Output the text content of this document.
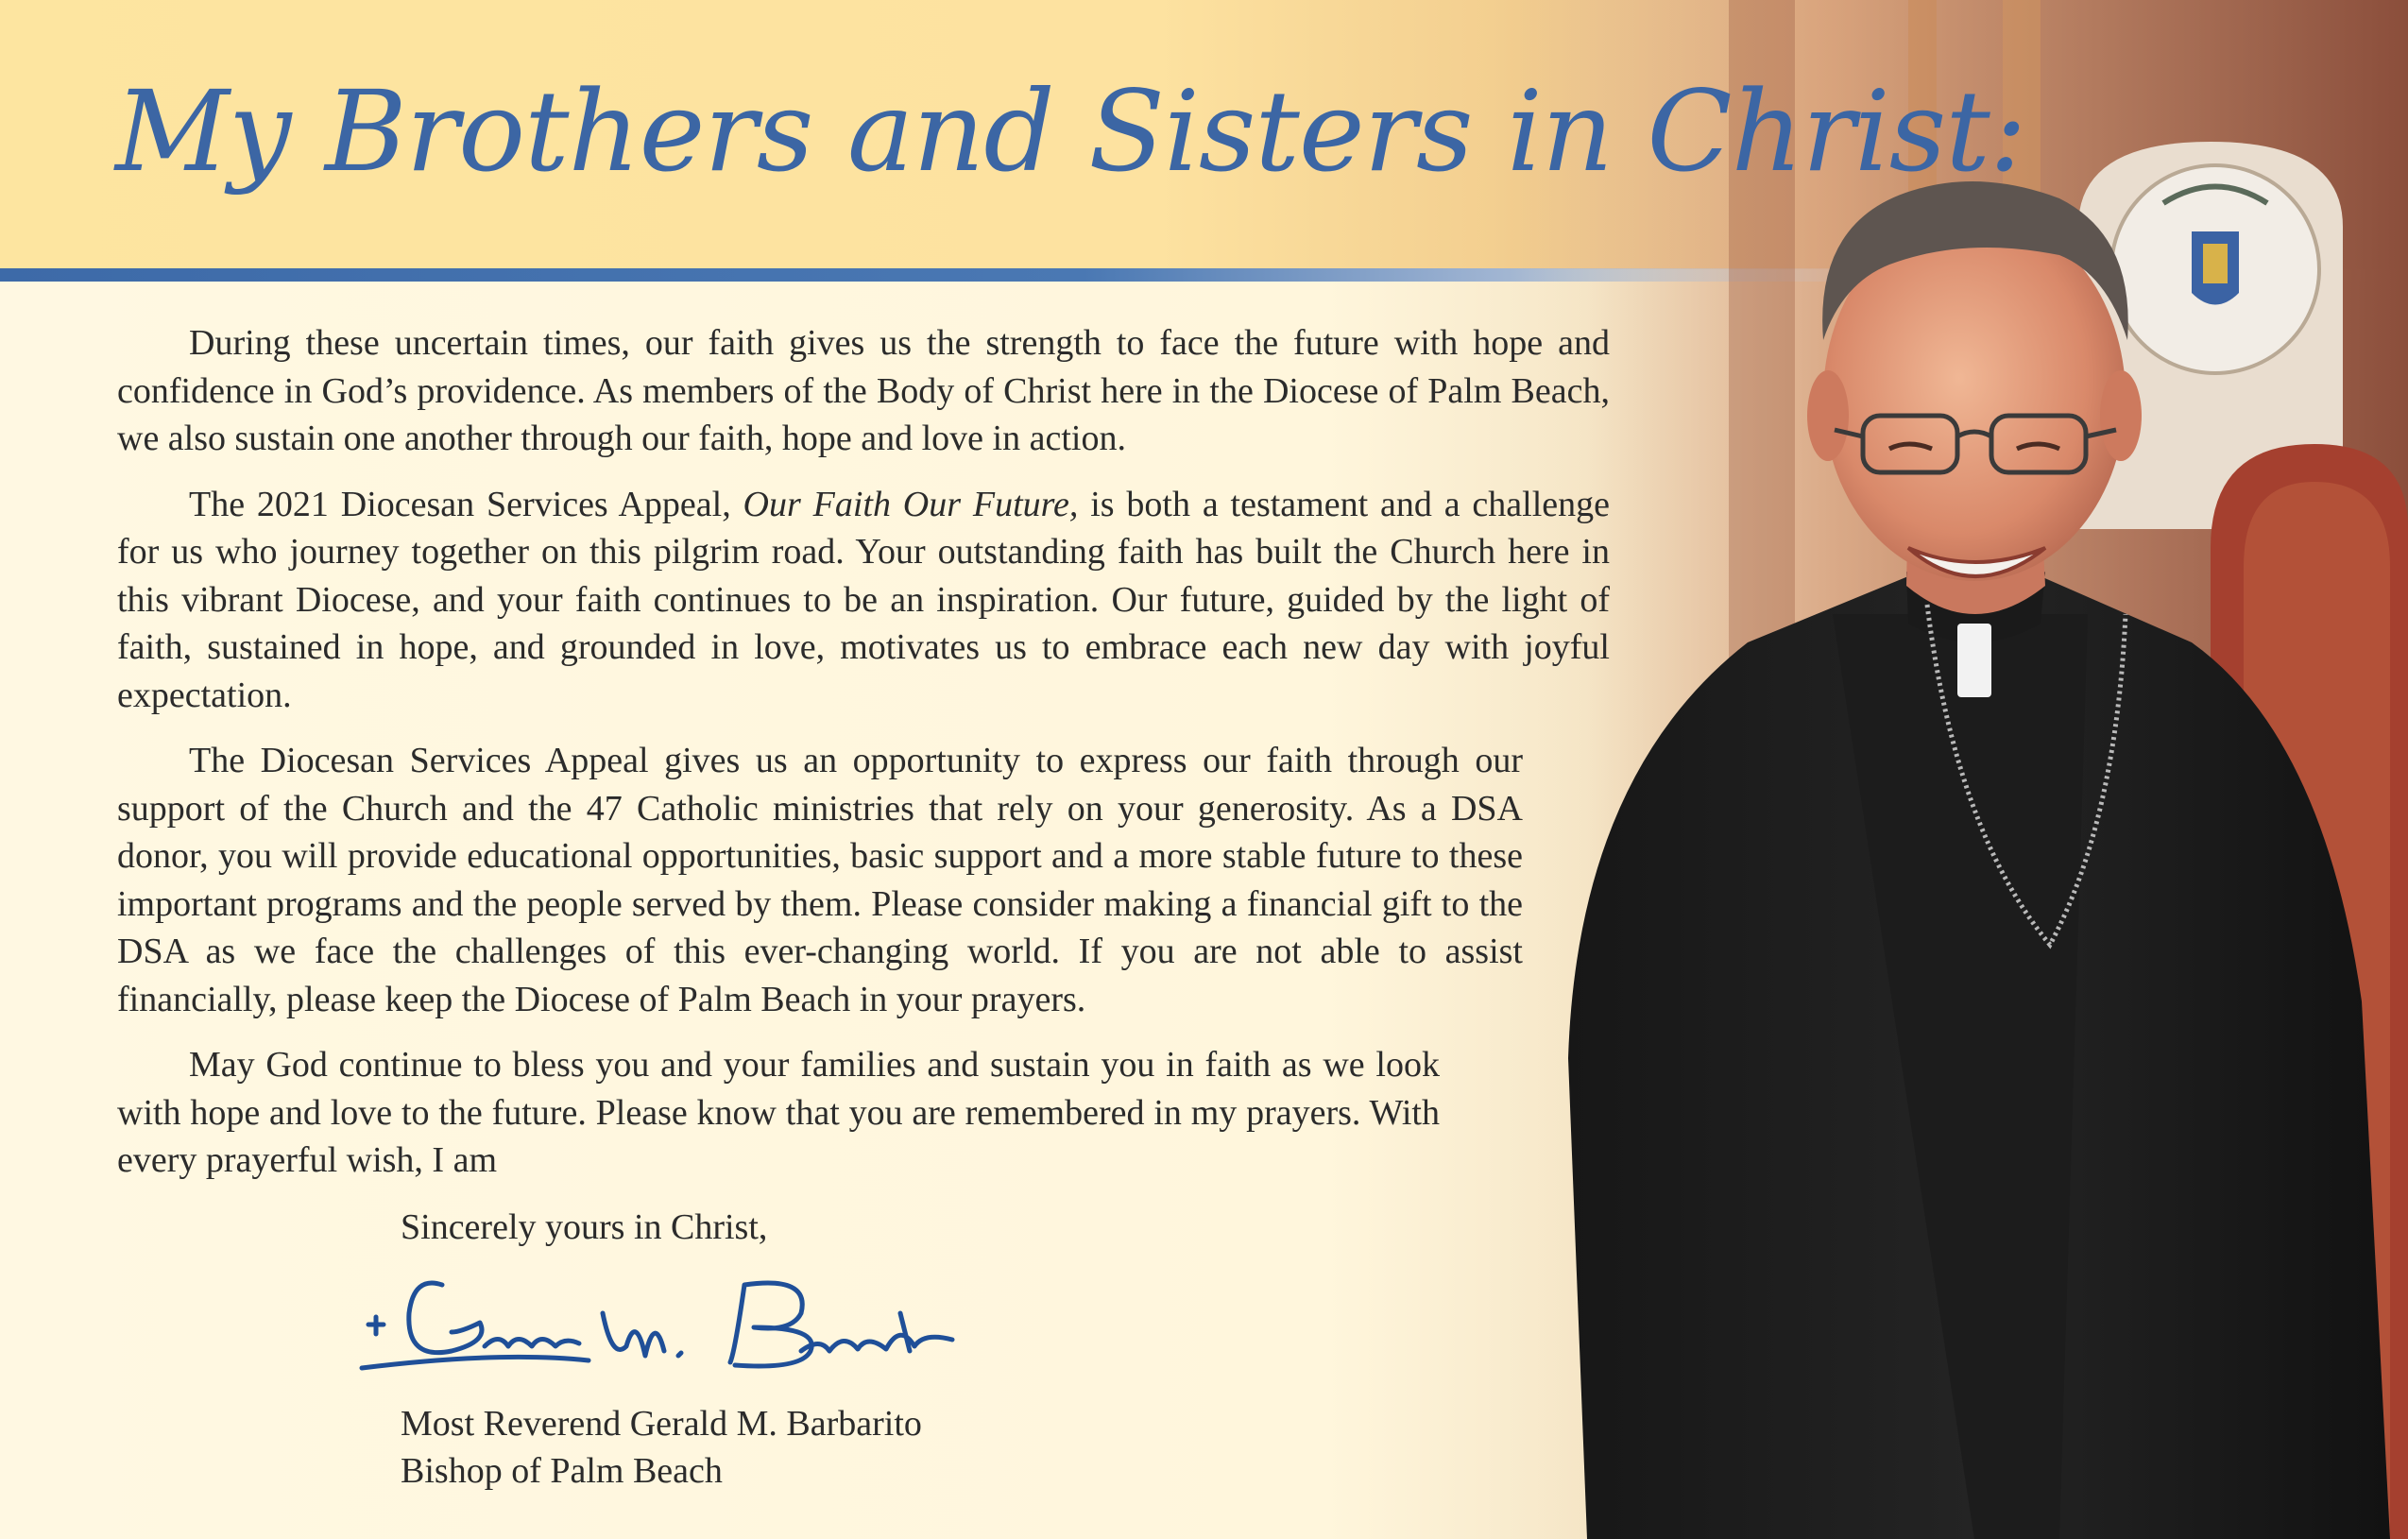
My Brothers and Sisters in Christ:

During these uncertain times, our faith gives us the strength to face the future with hope and confidence in God’s providence. As members of the Body of Christ here in the Diocese of Palm Beach, we also sustain one another through our faith, hope and love in action.

The 2021 Diocesan Services Appeal, Our Faith Our Future, is both a testament and a challenge for us who journey together on this pilgrim road. Your outstanding faith has built the Church here in this vibrant Diocese, and your faith continues to be an inspiration. Our future, guided by the light of faith, sustained in hope, and grounded in love, motivates us to embrace each new day with joyful expectation.

The Diocesan Services Appeal gives us an opportunity to express our faith through our support of the Church and the 47 Catholic ministries that rely on your generosity. As a DSA donor, you will provide educational opportunities, basic support and a more stable future to these important programs and the people served by them. Please consider making a financial gift to the DSA as we face the challenges of this ever-changing world. If you are not able to assist financially, please keep the Diocese of Palm Beach in your prayers.

May God continue to bless you and your families and sustain you in faith as we look with hope and love to the future. Please know that you are remembered in my prayers. With every prayerful wish, I am

Sincerely yours in Christ,
Most Reverend Gerald M. Barbarito
Bishop of Palm Beach
